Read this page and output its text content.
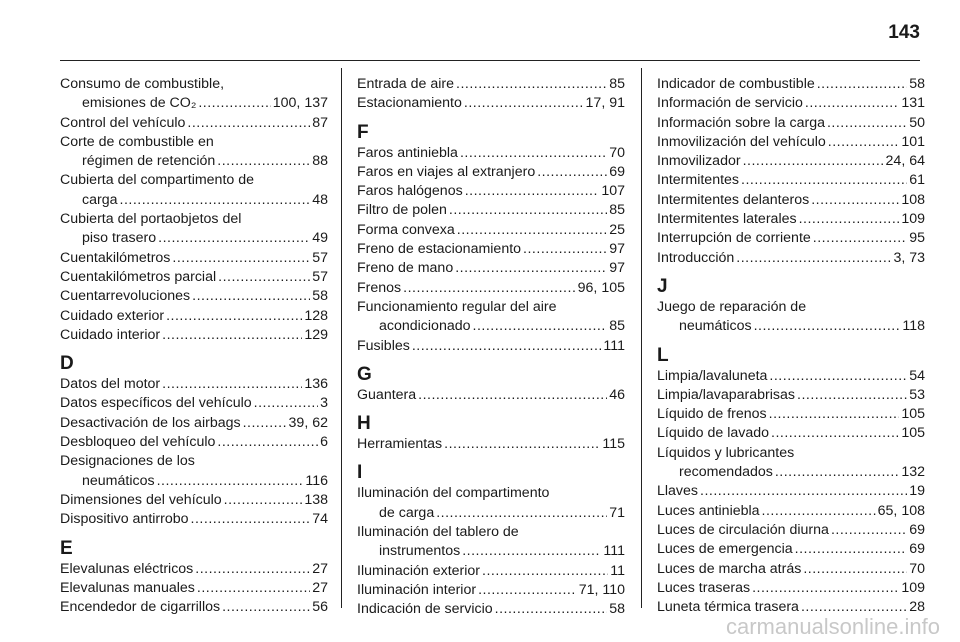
143
Consumo de combustible,
emisiones de CO₂ .....	100, 137
Control del vehículo .....	87
Corte de combustible en
régimen de retención .....	88
Cubierta del compartimento de
carga .....	48
Cubierta del portaobjetos del
piso trasero .....	49
Cuentakilómetros .....	57
Cuentakilómetros parcial .....	57
Cuentarrevoluciones .....	58
Cuidado exterior .....	128
Cuidado interior .....	129
D
Datos del motor .....	136
Datos específicos del vehículo .....	3
Desactivación de los airbags .....	39, 62
Desbloqueo del vehículo .....	6
Designaciones de los
neumáticos .....	116
Dimensiones del vehículo .....	138
Dispositivo antirrobo .....	74
E
Elevalunas eléctricos .....	27
Elevalunas manuales .....	27
Encendedor de cigarrillos .....	56
Entrada de aire .....	85
Estacionamiento .....	17, 91
F
Faros antiniebla .....	70
Faros en viajes al extranjero .....	69
Faros halógenos .....	107
Filtro de polen .....	85
Forma convexa .....	25
Freno de estacionamiento .....	97
Freno de mano .....	97
Frenos .....	96, 105
Funcionamiento regular del aire
acondicionado .....	85
Fusibles .....	111
G
Guantera .....	46
H
Herramientas .....	115
I
Iluminación del compartimento
de carga .....	71
Iluminación del tablero de
instrumentos .....	111
Iluminación exterior .....	11
Iluminación interior .....	71, 110
Indicación de servicio .....	58
Indicador de combustible .....	58
Información de servicio .....	131
Información sobre la carga .....	50
Inmovilización del vehículo .....	101
Inmovilizador .....	24, 64
Intermitentes .....	61
Intermitentes delanteros .....	108
Intermitentes laterales .....	109
Interrupción de corriente .....	95
Introducción .....	3, 73
J
Juego de reparación de
neumáticos .....	118
L
Limpia/lavaluneta .....	54
Limpia/lavaparabrisas .....	53
Líquido de frenos .....	105
Líquido de lavado .....	105
Líquidos y lubricantes
recomendados .....	132
Llaves .....	19
Luces antiniebla .....	65, 108
Luces de circulación diurna .....	69
Luces de emergencia .....	69
Luces de marcha atrás .....	70
Luces traseras .....	109
Luneta térmica trasera .....	28
carmanualsonline.info
